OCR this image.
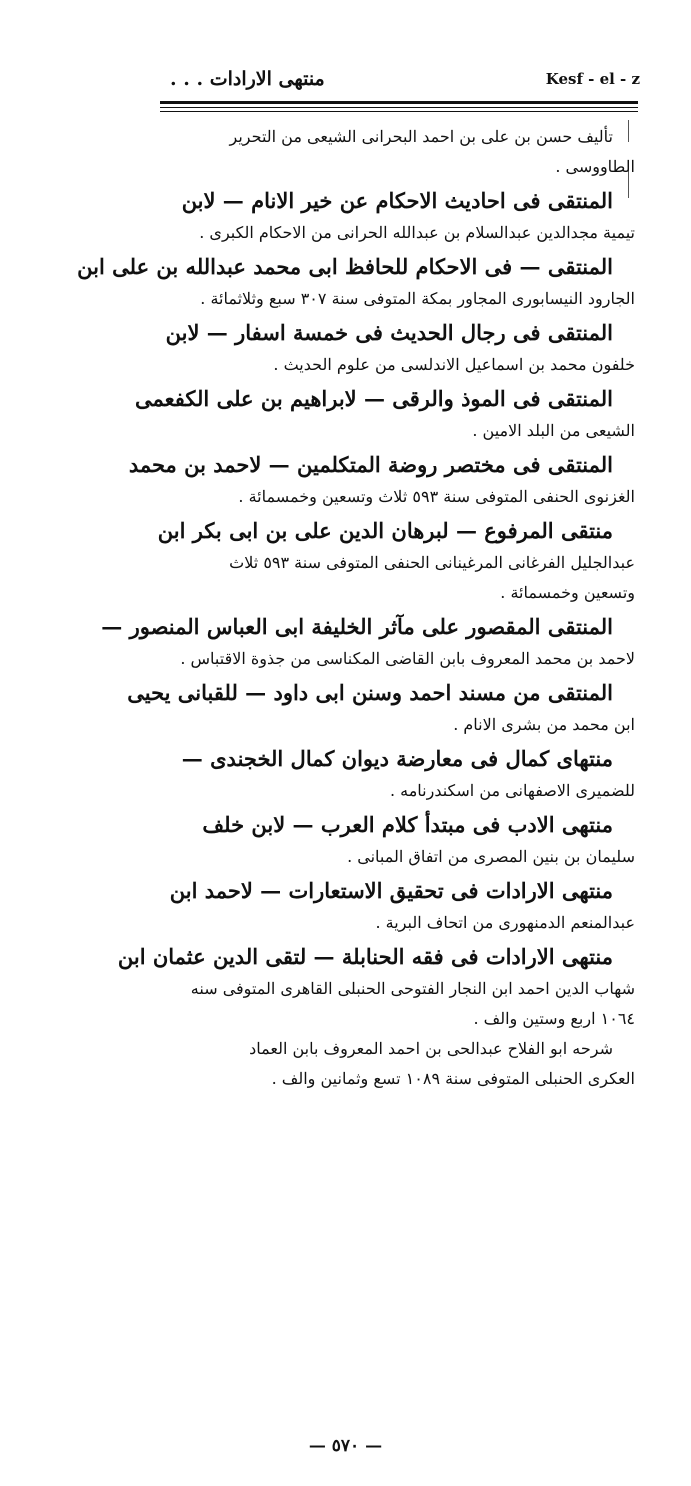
منتهى الارادات . . .	Kesf - el - z
تأليف حسن بن على بن احمد البحرانى الشيعى من التحرير
الطاووسى .
المنتقى فى احاديث الاحكام عن خير الانام — لابن
تيمية مجدالدين عبدالسلام بن عبدالله الحرانى من الاحكام الكبرى .
المنتقى — فى الاحكام للحافظ ابى محمد عبدالله بن على ابن
الجارود النيسابورى المجاور بمكة المتوفى سنة ٣٠٧ سبع وثلاثمائة .
المنتقى فى رجال الحديث فى خمسة اسفار — لابن
خلفون محمد بن اسماعيل الاندلسى من علوم الحديث .
المنتقى فى الموذ والرقى — لابراهيم بن على الكفعمى
الشيعى من البلد الامين .
المنتقى فى مختصر روضة المتكلمين — لاحمد بن محمد
الغزنوى الحنفى المتوفى سنة ٥٩٣ ثلاث وتسعين وخمسمائة .
منتقى المرفوع — لبرهان الدين على بن ابى بكر ابن
عبدالجليل الفرغانى المرغينانى الحنفى المتوفى سنة ٥٩٣ ثلاث
وتسعين وخمسمائة .
المنتقى المقصور على مآثر الخليفة ابى العباس المنصور —
لاحمد بن محمد المعروف بابن القاضى المكناسى من جذوة الاقتباس .
المنتقى من مسند احمد وسنن ابى داود — للقبانى يحيى
ابن محمد من بشرى الانام .
منتهاى كمال فى معارضة ديوان كمال الخجندى —
للضميرى الاصفهانى من اسكندرنامه .
منتهى الادب فى مبتدأ كلام العرب — لابن خلف
سليمان بن بنين المصرى من اتفاق المبانى .
منتهى الارادات فى تحقيق الاستعارات — لاحمد ابن
عبدالمنعم الدمنهورى من اتحاف البرية .
منتهى الارادات فى فقه الحنابلة — لتقى الدين عثمان ابن
شهاب الدين احمد ابن النجار الفتوحى الحنبلى القاهرى المتوفى سنه
١٠٦٤ اربع وستين والف .
شرحه ابو الفلاح عبدالحى بن احمد المعروف بابن العماد
العكرى الحنبلى المتوفى سنة ١٠٨٩ تسع وثمانين والف .
— ٥٧٠ —
